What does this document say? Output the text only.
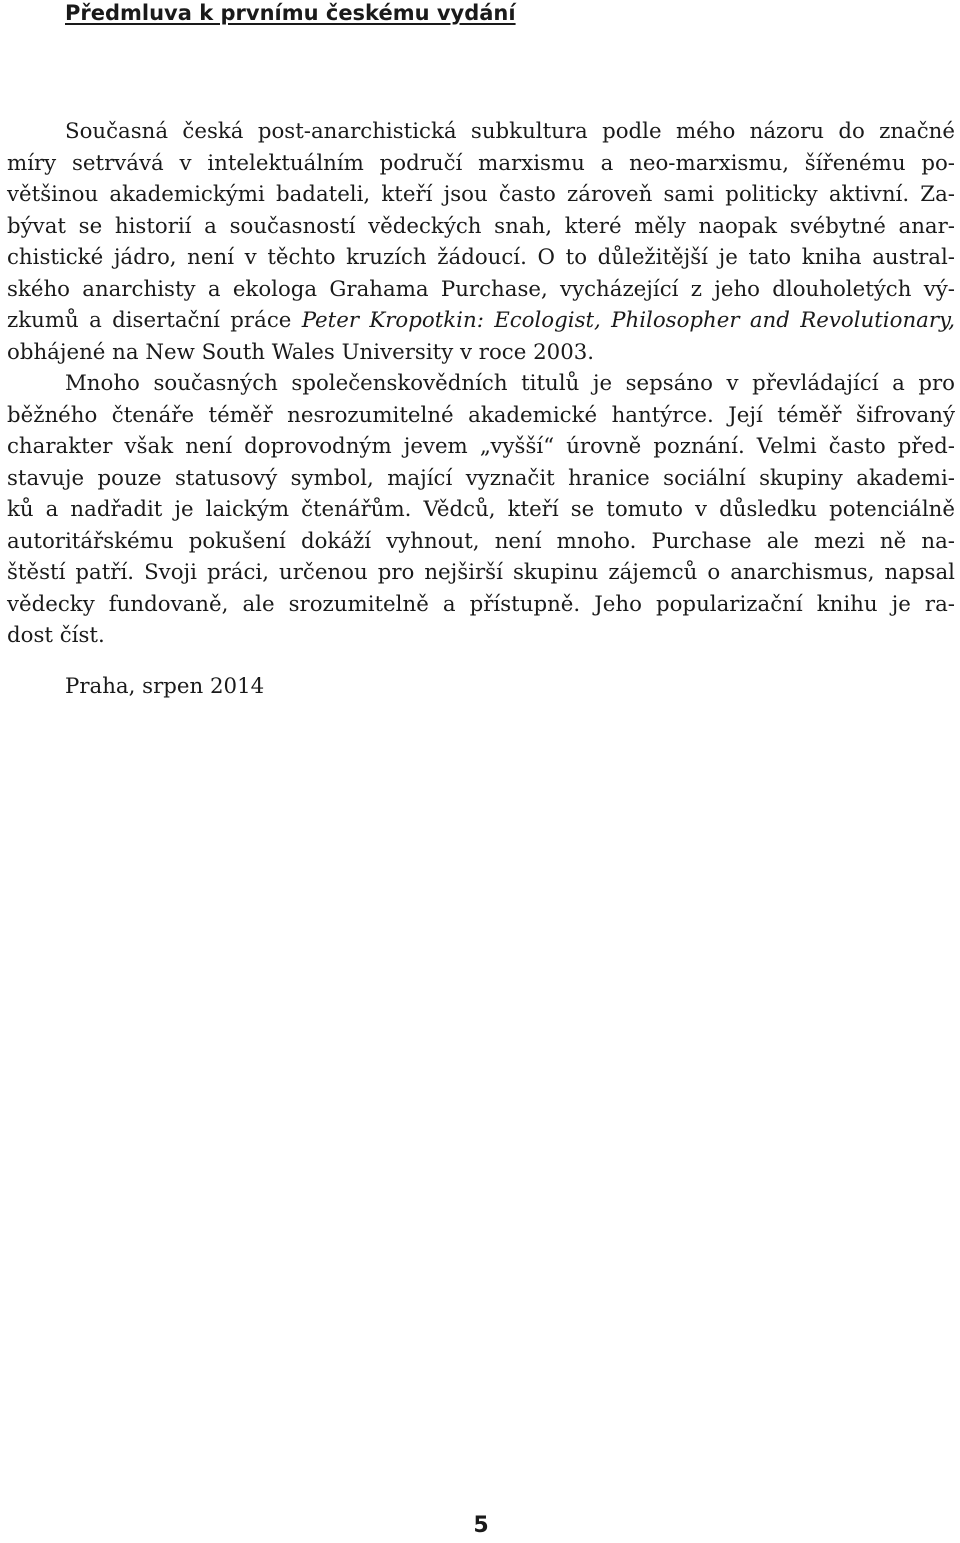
Předmluva k prvnímu českému vydání
Současná česká post-anarchistická subkultura podle mého názoru do značné
míry setrvává v intelektuálním područí marxismu a neo-marxismu, šířenému po-
většinou akademickými badateli, kteří jsou často zároveň sami politicky aktivní. Za-
bývat se historií a současností vědeckých snah, které měly naopak svébytné anar-
chistické jádro, není v těchto kruzích žádoucí. O to důležitější je tato kniha austral-
ského anarchisty a ekologa Grahama Purchase, vycházející z jeho dlouholetých vý-
zkumů a disertační práce Peter Kropotkin: Ecologist, Philosopher and Revolutionary,
obhájené na New South Wales University v roce 2003.
Mnoho současných společenskovědních titulů je sepsáno v převládající a pro
běžného čtenáře téměř nesrozumitelné akademické hantýrce. Její téměř šifrovaný
charakter však není doprovodným jevem „vyšší“ úrovně poznání. Velmi často před-
stavuje pouze statusový symbol, mající vyznačit hranice sociální skupiny akademi-
ků a nadřadit je laickým čtenářům. Vědců, kteří se tomuto v důsledku potenciálně
autoritářskému pokušení dokáží vyhnout, není mnoho. Purchase ale mezi ně na-
štěstí patří. Svoji práci, určenou pro nejširší skupinu zájemců o anarchismus, napsal
vědecky fundovaně, ale srozumitelně a přístupně. Jeho popularizační knihu je ra-
dost číst.
Praha, srpen 2014
5
